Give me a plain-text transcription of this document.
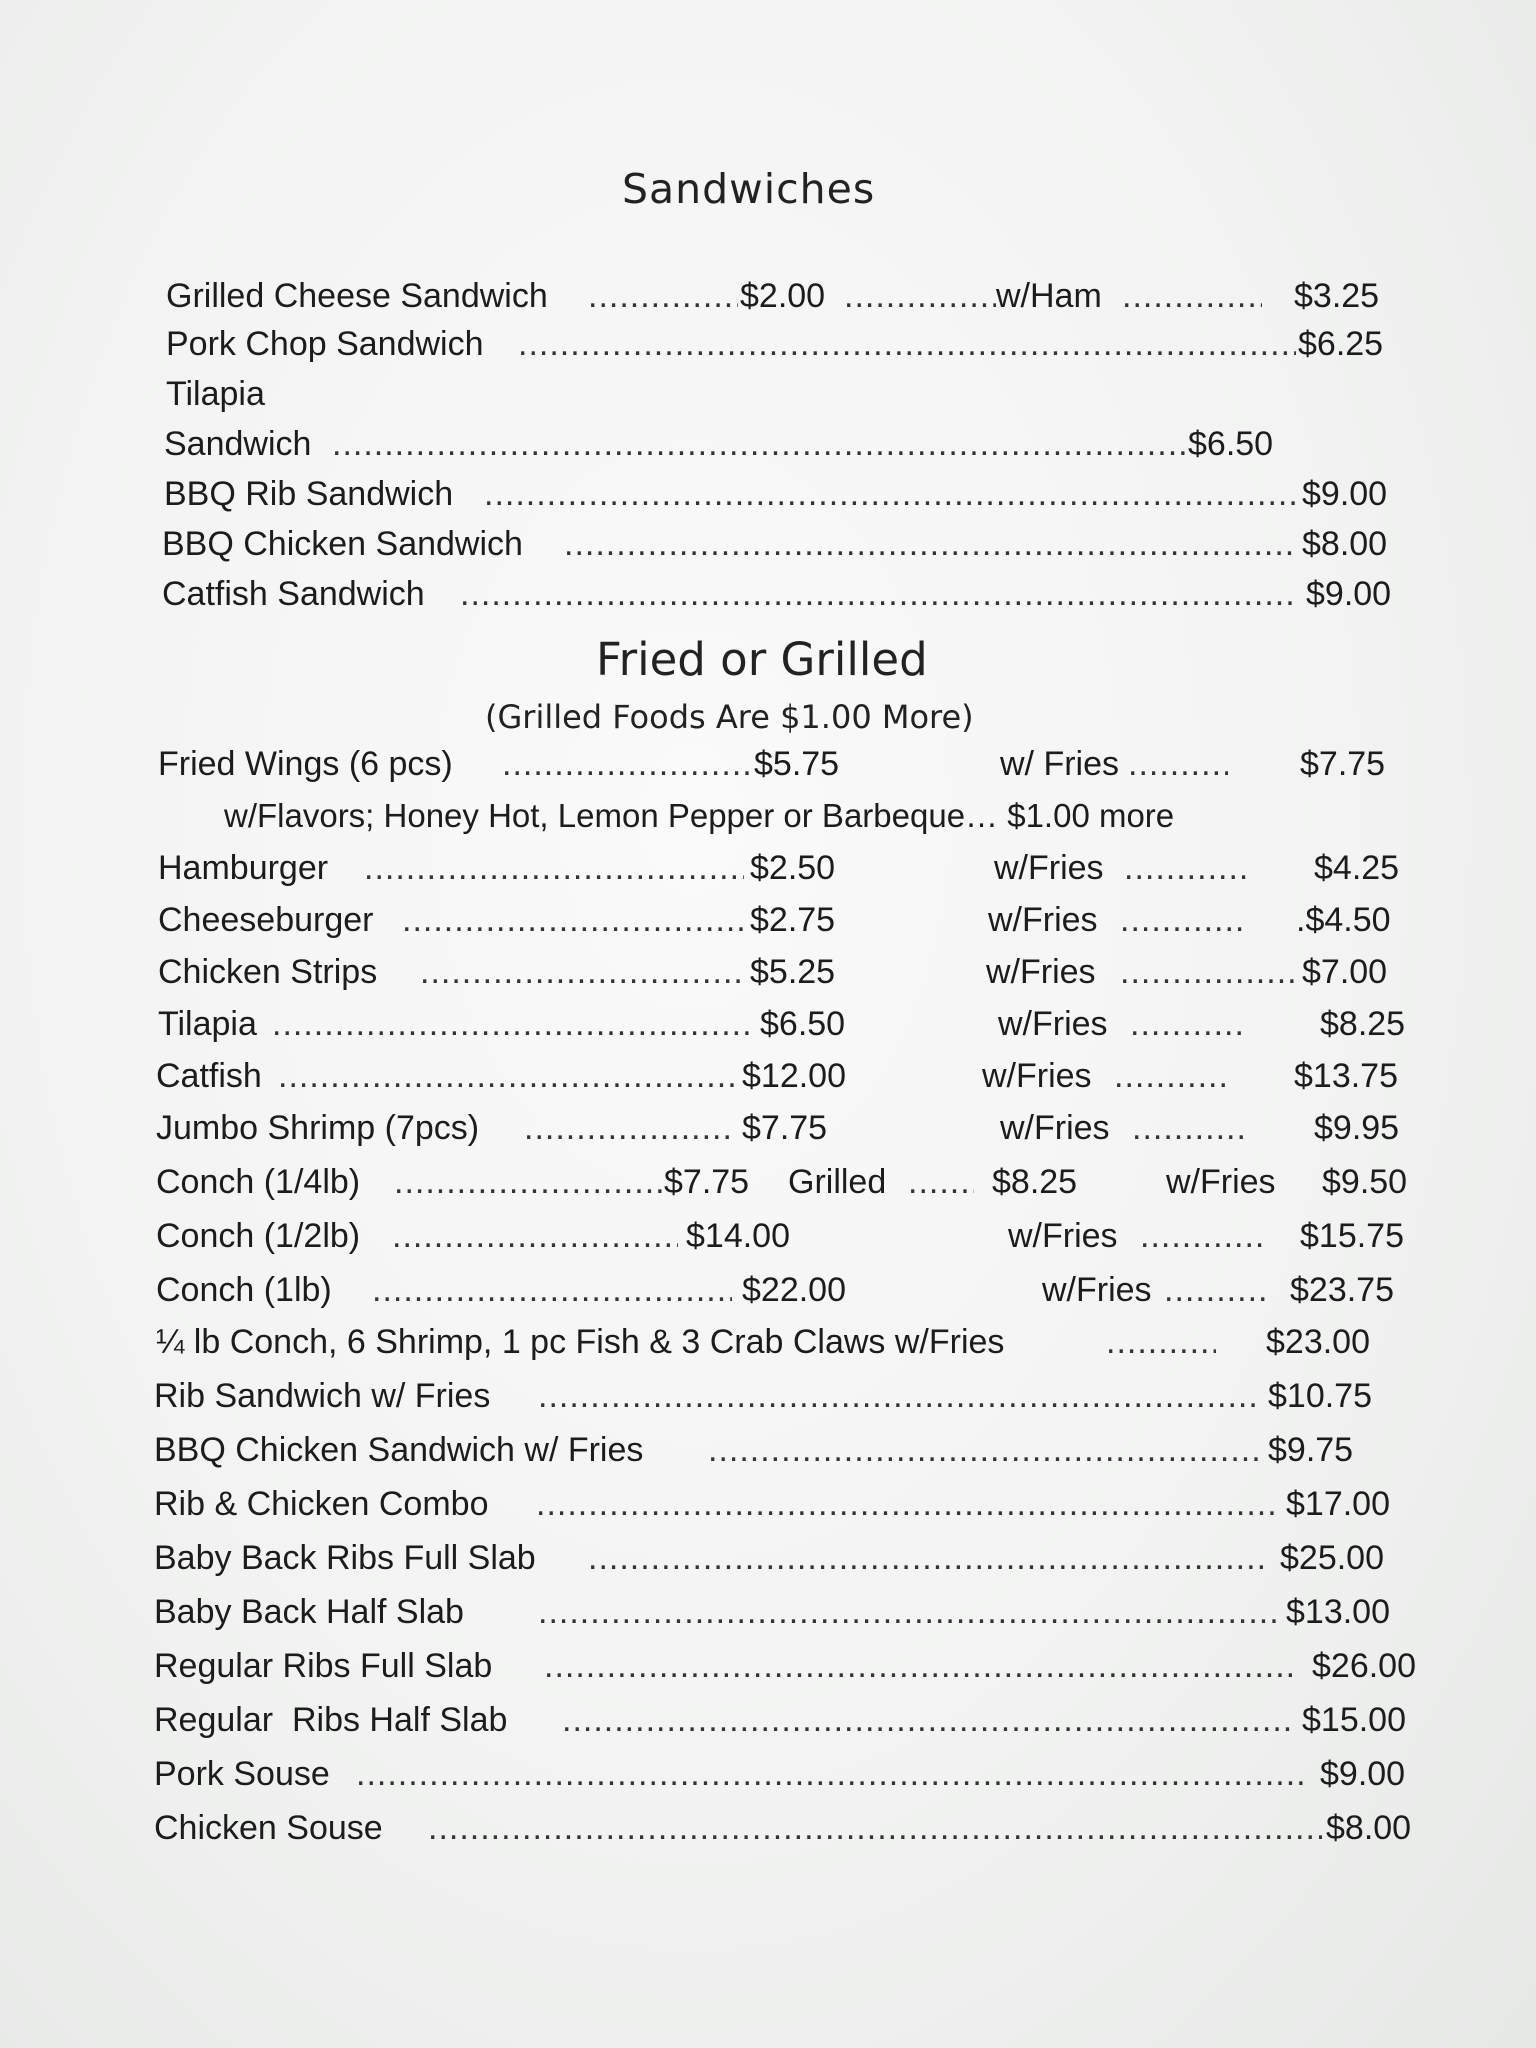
Sandwiches
Grilled Cheese Sandwich .....	$2.00 .....	w/Ham .....	$3.25
Pork Chop Sandwich .....	$6.25
Tilapia
Sandwich .....	$6.50
BBQ Rib Sandwich .....	$9.00
BBQ Chicken Sandwich .....	$8.00
Catfish Sandwich .....	$9.00
Fried or Grilled
(Grilled Foods Are $1.00 More)
Fried Wings (6 pcs) .....	$5.75	w/ Fries .....	$7.75
w/Flavors; Honey Hot, Lemon Pepper or Barbeque… $1.00 more
Hamburger .....	$2.50	w/Fries .....	$4.25
Cheeseburger .....	$2.75	w/Fries .....	.$4.50
Chicken Strips .....	$5.25	w/Fries .....	$7.00
Tilapia .....	$6.50	w/Fries .....	$8.25
Catfish .....	$12.00	w/Fries .....	$13.75
Jumbo Shrimp (7pcs) .....	$7.75	w/Fries .....	$9.95
Conch (1/4lb) .....	$7.75 Grilled .....	$8.25	w/Fries $9.50
Conch (1/2lb) .....	$14.00	w/Fries .....	$15.75
Conch (1lb) .....	$22.00	w/Fries .....	$23.75
¼ lb Conch, 6 Shrimp, 1 pc Fish & 3 Crab Claws w/Fries .....	$23.00
Rib Sandwich w/ Fries .....	$10.75
BBQ Chicken Sandwich w/ Fries .....	$9.75
Rib & Chicken Combo .....	$17.00
Baby Back Ribs Full Slab .....	$25.00
Baby Back Half Slab .....	$13.00
Regular Ribs Full Slab .....	$26.00
Regular  Ribs Half Slab .....	$15.00
Pork Souse .....	$9.00
Chicken Souse .....	$8.00
